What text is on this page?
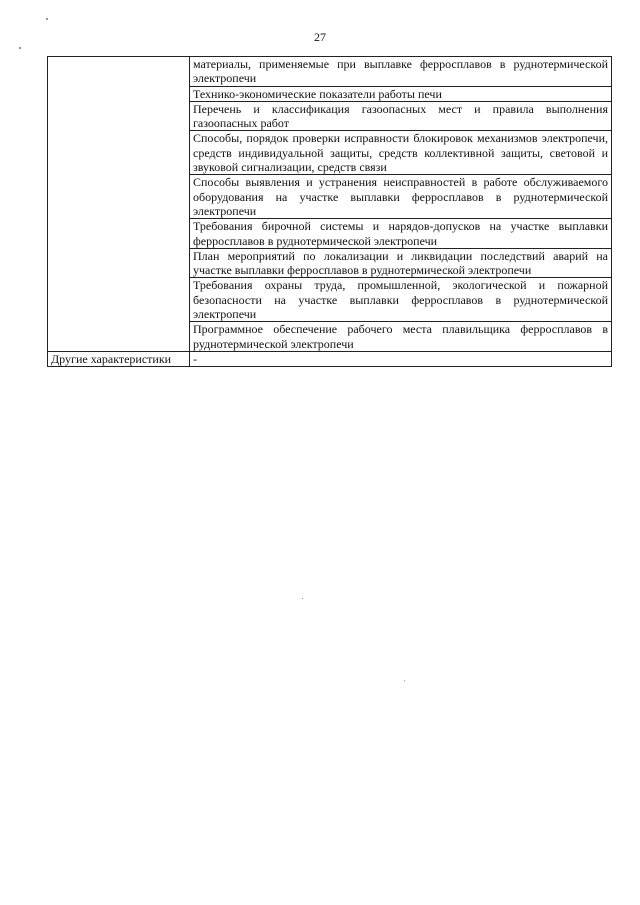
27
	материалы, применяемые при выплавке ферросплавов в руднотермической электропечи
	Технико-экономические показатели работы печи
	Перечень и классификация газоопасных мест и правила выполнения газоопасных работ
	Способы, порядок проверки исправности блокировок механизмов электропечи, средств индивидуальной защиты, средств коллективной защиты, световой и звуковой сигнализации, средств связи
	Способы выявления и устранения неисправностей в работе обслуживаемого оборудования на участке выплавки ферросплавов в руднотермической электропечи
	Требования бирочной системы и нарядов-допусков на участке выплавки ферросплавов в руднотермической электропечи
	План мероприятий по локализации и ликвидации последствий аварий на участке выплавки ферросплавов в руднотермической электропечи
	Требования охраны труда, промышленной, экологической и пожарной безопасности на участке выплавки ферросплавов в руднотермической электропечи
	Программное обеспечение рабочего места плавильщика ферросплавов в руднотермической электропечи
Другие характеристики	-
